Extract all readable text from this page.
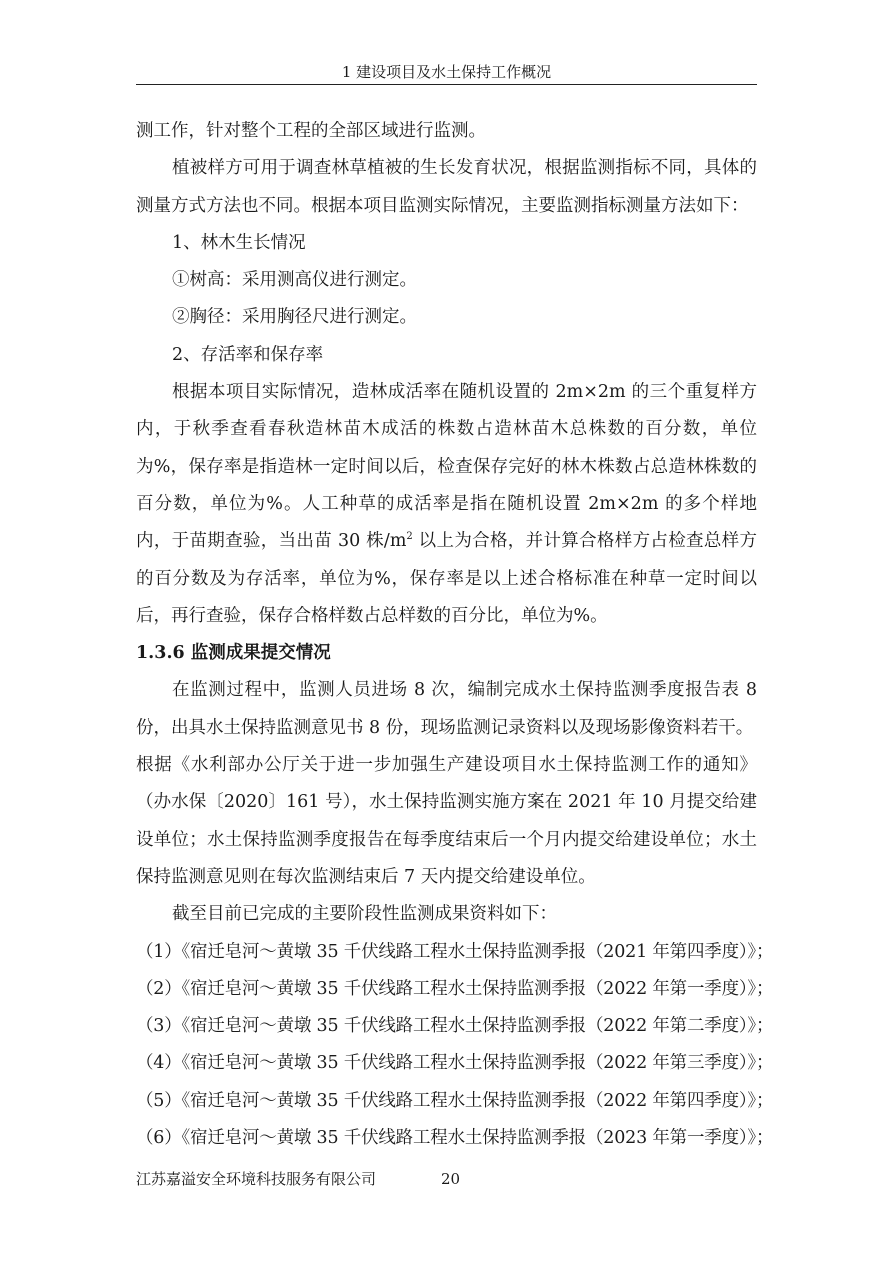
1 建设项目及水土保持工作概况

测工作，针对整个工程的全部区域进行监测。

植被样方可用于调查林草植被的生长发育状况，根据监测指标不同，具体的测量方式方法也不同。根据本项目监测实际情况，主要监测指标测量方法如下：

1、林木生长情况

①树高：采用测高仪进行测定。

②胸径：采用胸径尺进行测定。

2、存活率和保存率

根据本项目实际情况，造林成活率在随机设置的 2m×2m 的三个重复样方内，于秋季查看春秋造林苗木成活的株数占造林苗木总株数的百分数，单位为%，保存率是指造林一定时间以后，检查保存完好的林木株数占总造林株数的百分数，单位为%。人工种草的成活率是指在随机设置 2m×2m 的多个样地内，于苗期查验，当出苗 30 株$/m^2$ 以上为合格，并计算合格样方占检查总样方的百分数及为存活率，单位为%，保存率是以上述合格标准在种草一定时间以后，再行查验，保存合格样数占总样数的百分比，单位为%。

1.3.6 监测成果提交情况

在监测过程中，监测人员进场 8 次，编制完成水土保持监测季度报告表 8 份，出具水土保持监测意见书 8 份，现场监测记录资料以及现场影像资料若干。

根据《水利部办公厅关于进一步加强生产建设项目水土保持监测工作的通知》（办水保〔2020〕161 号），水土保持监测实施方案在 2021 年 10 月提交给建设单位；水土保持监测季度报告在每季度结束后一个月内提交给建设单位；水土保持监测意见则在每次监测结束后 7 天内提交给建设单位。

截至目前已完成的主要阶段性监测成果资料如下：

（1）《宿迁皂河～黄墩 35 千伏线路工程水土保持监测季报（2021 年第四季度）》；

（2）《宿迁皂河～黄墩 35 千伏线路工程水土保持监测季报（2022 年第一季度）》；

（3）《宿迁皂河～黄墩 35 千伏线路工程水土保持监测季报（2022 年第二季度）》；

（4）《宿迁皂河～黄墩 35 千伏线路工程水土保持监测季报（2022 年第三季度）》；

（5）《宿迁皂河～黄墩 35 千伏线路工程水土保持监测季报（2022 年第四季度）》；

（6）《宿迁皂河～黄墩 35 千伏线路工程水土保持监测季报（2023 年第一季度）》；

江苏嘉溢安全环境科技服务有限公司	20
